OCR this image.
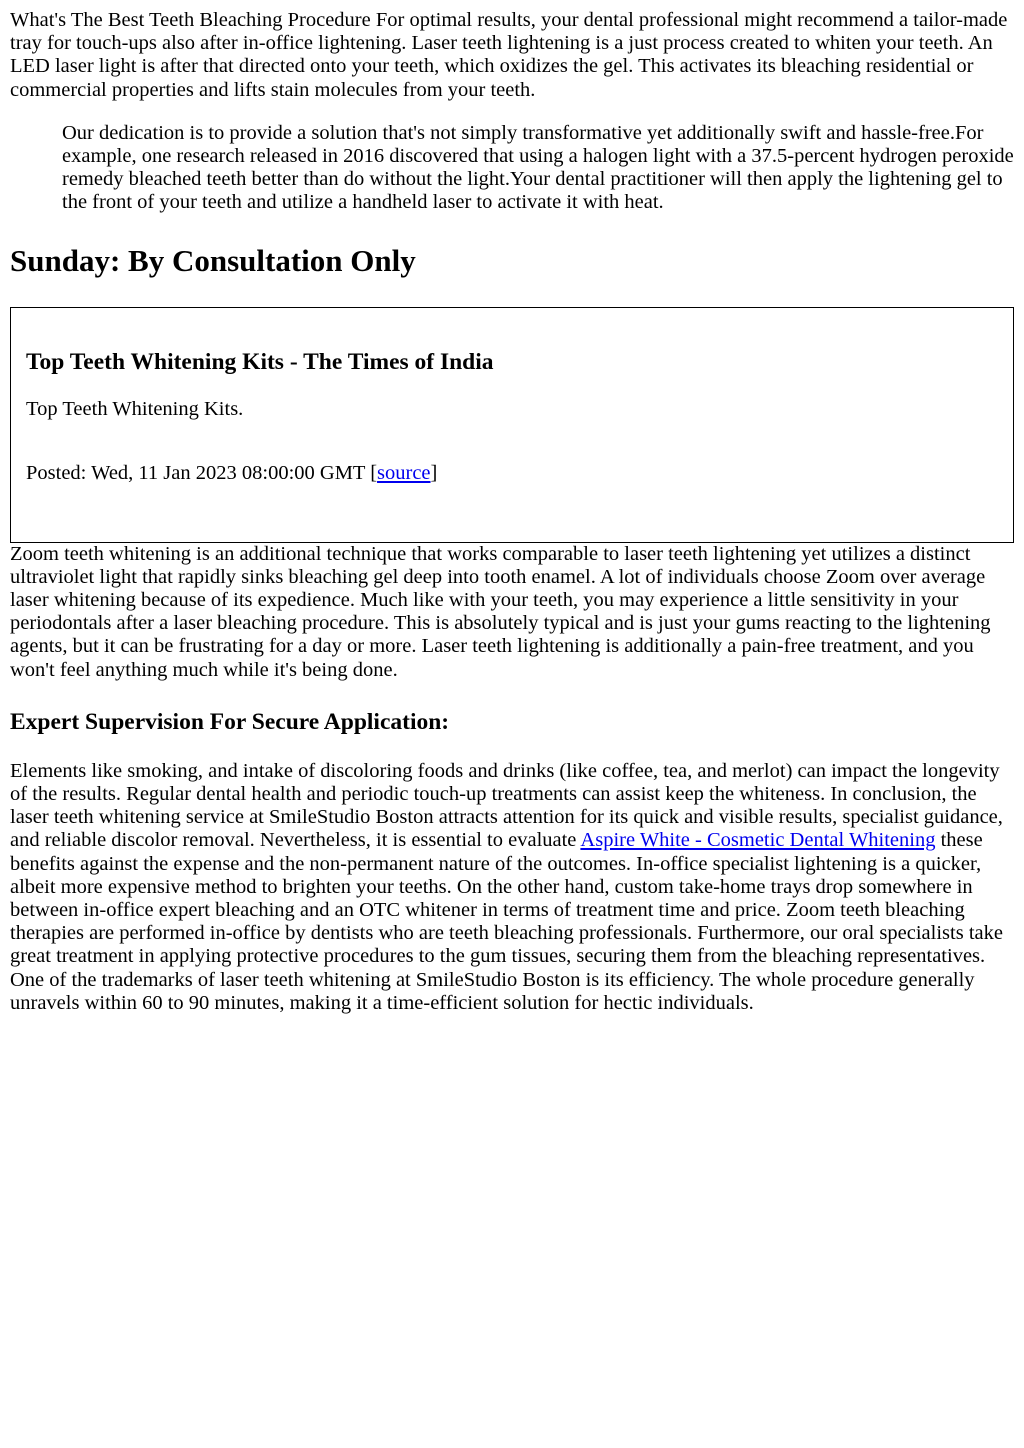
What's The Best Teeth Bleaching Procedure For optimal results, your dental professional might recommend a tailor-made tray for touch-ups also after in-office lightening. Laser teeth lightening is a just process created to whiten your teeth. An LED laser light is after that directed onto your teeth, which oxidizes the gel. This activates its bleaching residential or commercial properties and lifts stain molecules from your teeth.

Our dedication is to provide a solution that's not simply transformative yet additionally swift and hassle-free.For example, one research released in 2016 discovered that using a halogen light with a 37.5-percent hydrogen peroxide remedy bleached teeth better than do without the light.Your dental practitioner will then apply the lightening gel to the front of your teeth and utilize a handheld laser to activate it with heat.

Sunday: By Consultation Only
Top Teeth Whitening Kits - The Times of India

Top Teeth Whitening Kits.

Posted: Wed, 11 Jan 2023 08:00:00 GMT [source]

Zoom teeth whitening is an additional technique that works comparable to laser teeth lightening yet utilizes a distinct ultraviolet light that rapidly sinks bleaching gel deep into tooth enamel. A lot of individuals choose Zoom over average laser whitening because of its expedience. Much like with your teeth, you may experience a little sensitivity in your periodontals after a laser bleaching procedure. This is absolutely typical and is just your gums reacting to the lightening agents, but it can be frustrating for a day or more. Laser teeth lightening is additionally a pain-free treatment, and you won't feel anything much while it's being done.

Expert Supervision For Secure Application:

Elements like smoking, and intake of discoloring foods and drinks (like coffee, tea, and merlot) can impact the longevity of the results. Regular dental health and periodic touch-up treatments can assist keep the whiteness. In conclusion, the laser teeth whitening service at SmileStudio Boston attracts attention for its quick and visible results, specialist guidance, and reliable discolor removal. Nevertheless, it is essential to evaluate Aspire White - Cosmetic Dental Whitening these benefits against the expense and the non-permanent nature of the outcomes. In-office specialist lightening is a quicker, albeit more expensive method to brighten your teeths. On the other hand, custom take-home trays drop somewhere in between in-office expert bleaching and an OTC whitener in terms of treatment time and price. Zoom teeth bleaching therapies are performed in-office by dentists who are teeth bleaching professionals. Furthermore, our oral specialists take great treatment in applying protective procedures to the gum tissues, securing them from the bleaching representatives. One of the trademarks of laser teeth whitening at SmileStudio Boston is its efficiency. The whole procedure generally unravels within 60 to 90 minutes, making it a time-efficient solution for hectic individuals.
